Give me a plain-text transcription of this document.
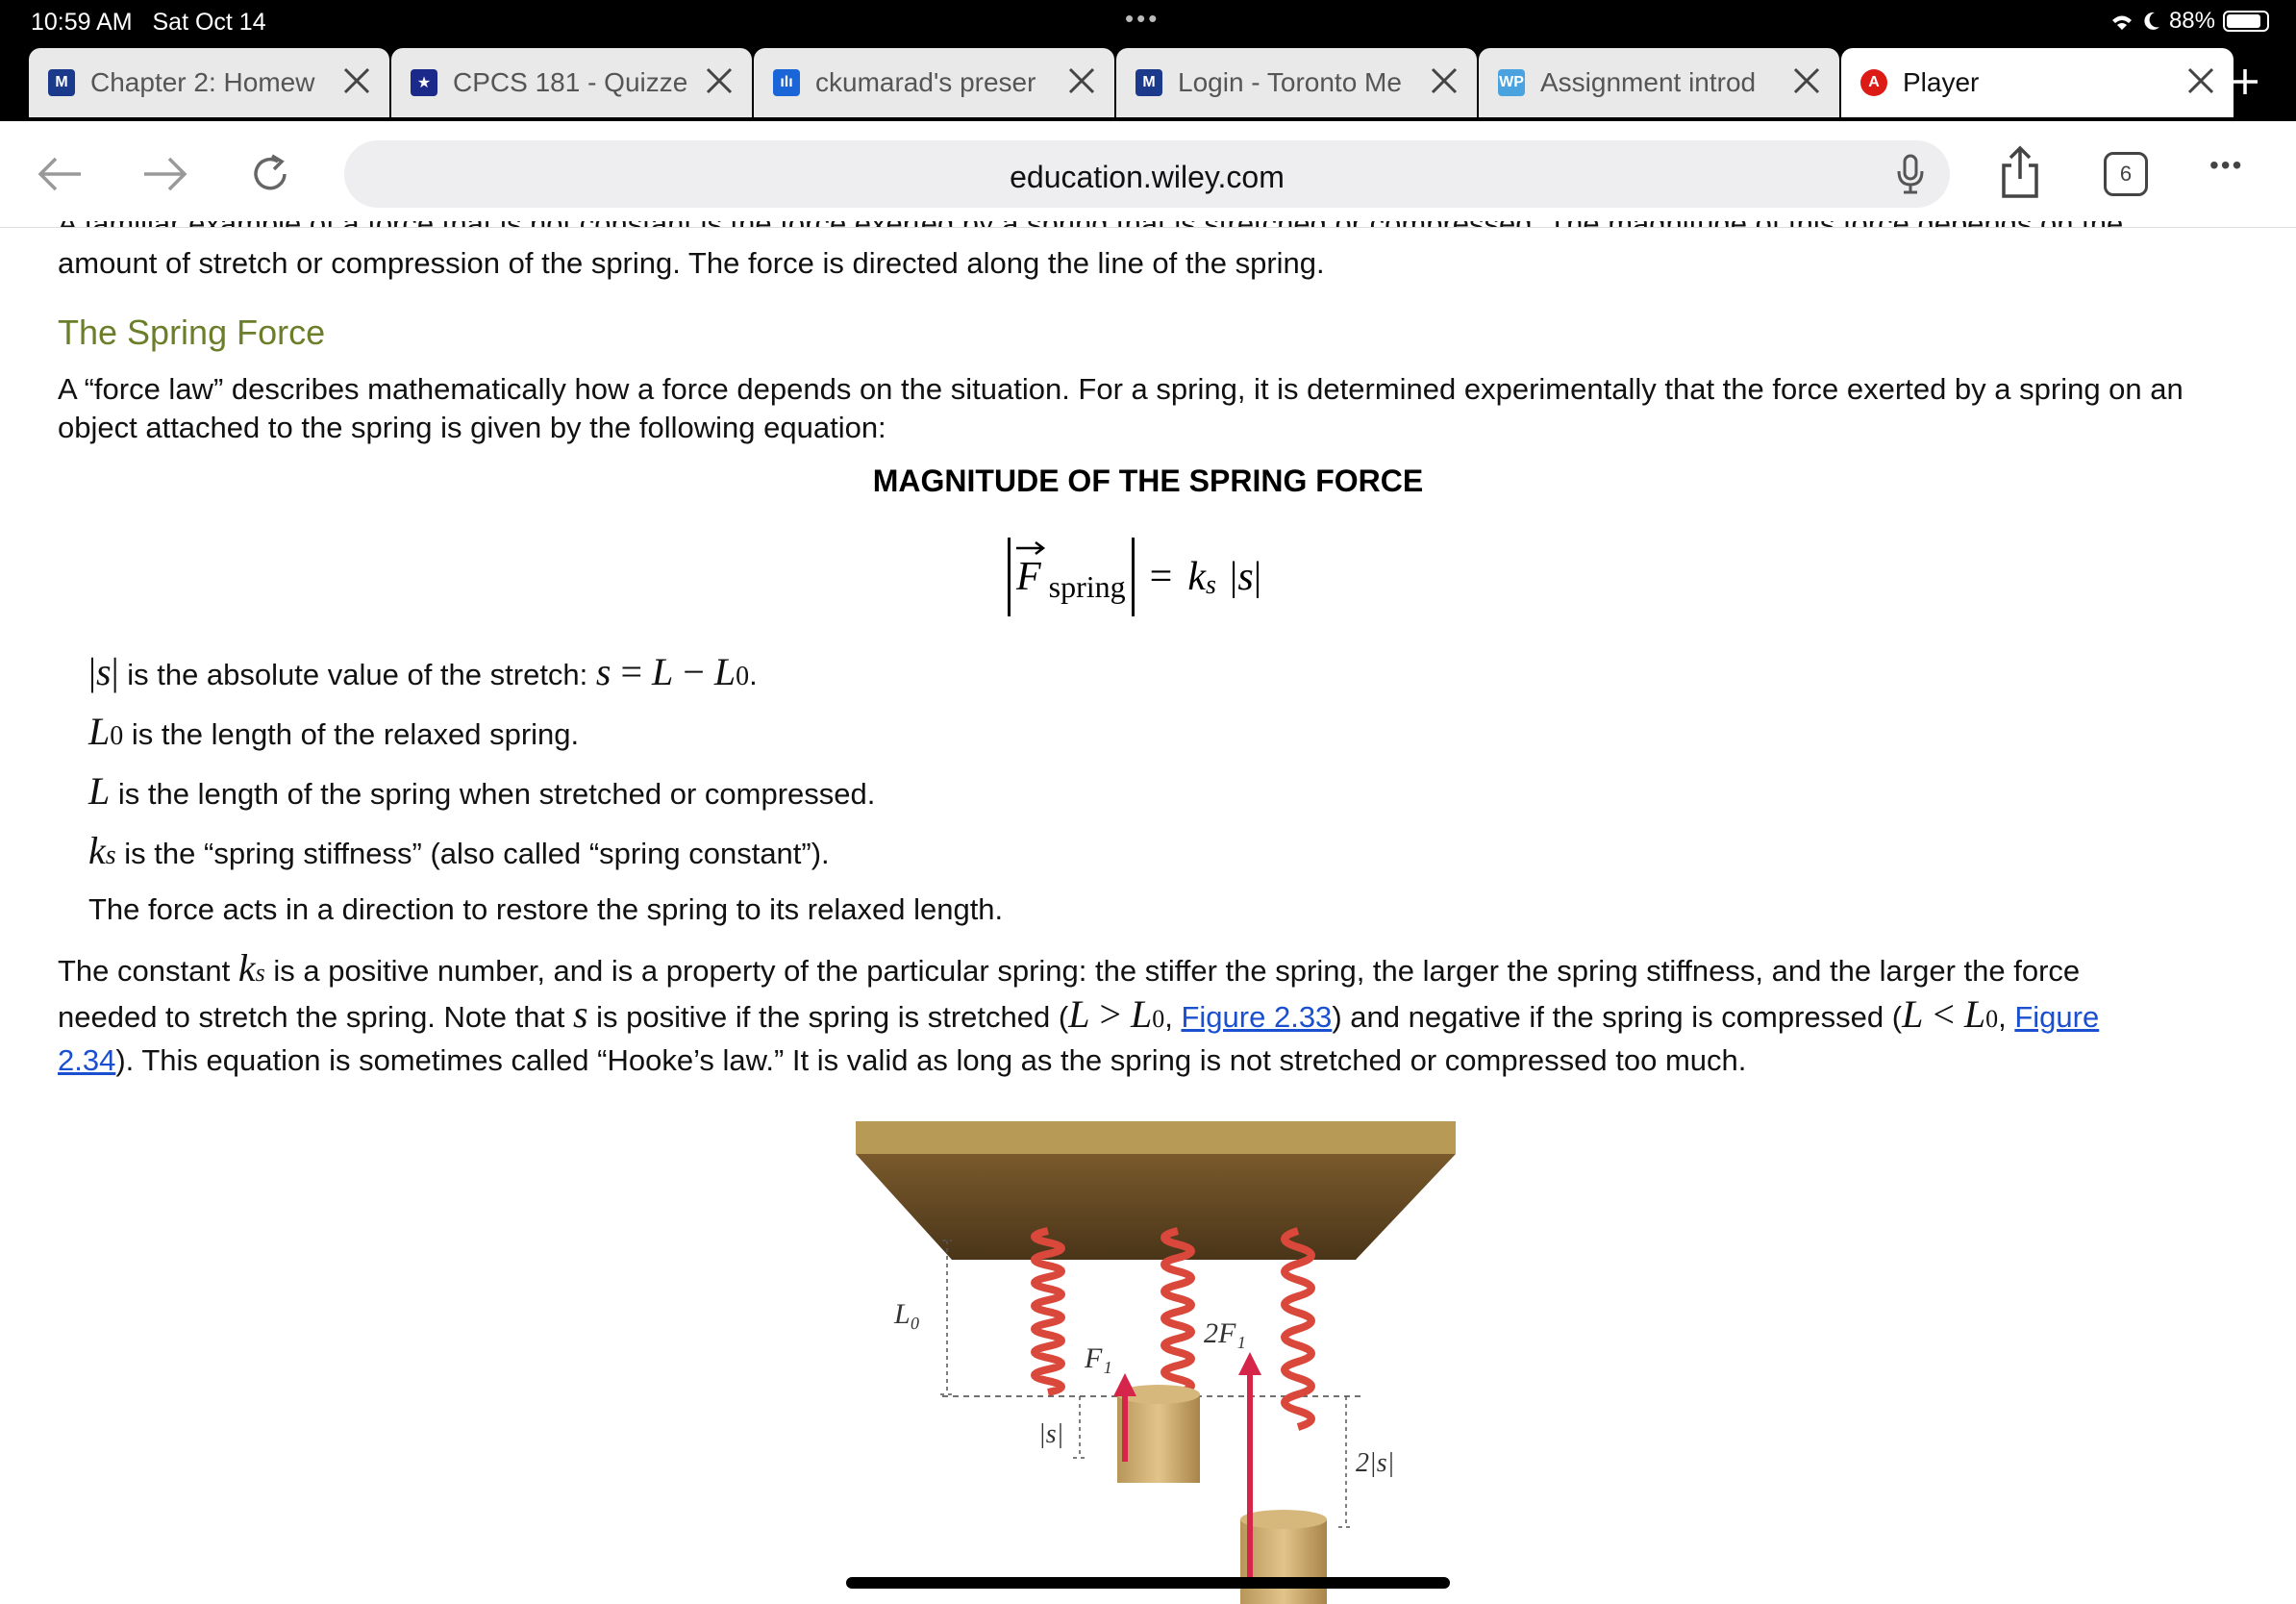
10:59 AM Sat Oct 14	•••	88%
M Chapter 2: Homew	★ CPCS 181 - Quizze	ılı ckumarad's preser	M Login - Toronto Me	WP Assignment introd	A Player
education.wiley.com	6	•••
amount of stretch or compression of the spring. The force is directed along the line of the spring.
The Spring Force
A “force law” describes mathematically how a force depends on the situation. For a spring, it is determined experimentally that the force exerted by a spring on an object attached to the spring is given by the following equation:
MAGNITUDE OF THE SPRING FORCE
F spring = k s | s |
|s| is the absolute value of the stretch: s = L − L0.
L0 is the length of the relaxed spring.
L is the length of the spring when stretched or compressed.
ks is the “spring stiffness” (also called “spring constant”).
The force acts in a direction to restore the spring to its relaxed length.
The constant ks is a positive number, and is a property of the particular spring: the stiffer the spring, the larger the spring stiffness, and the larger the force
needed to stretch the spring. Note that s is positive if the spring is stretched (L > L0, Figure 2.33) and negative if the spring is compressed (L < L0, Figure
2.34). This equation is sometimes called “Hooke’s law.” It is valid as long as the spring is not stretched or compressed too much.
L₀
F₁
2F₁
|s|
2|s|
